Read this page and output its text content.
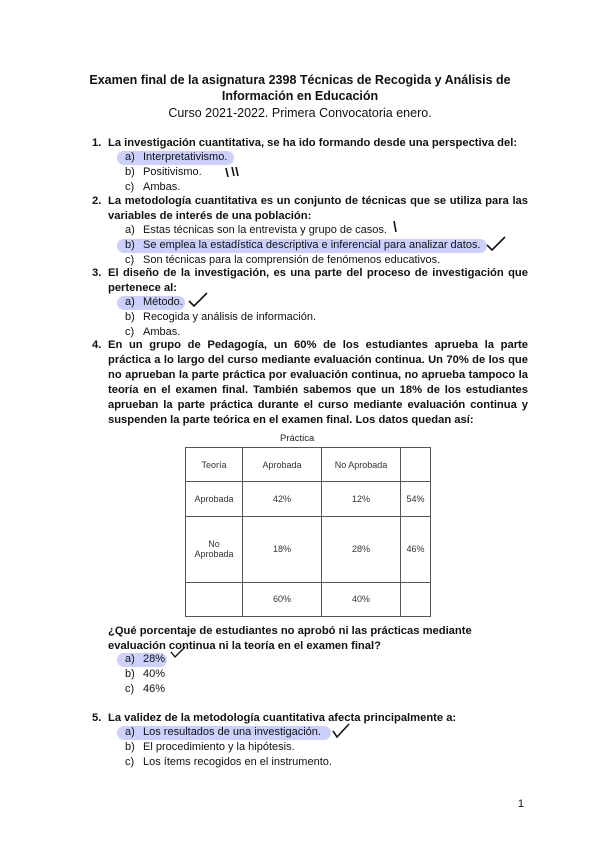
Examen final de la asignatura 2398 Técnicas de Recogida y Análisis de Información en Educación
Curso 2021-2022. Primera Convocatoria enero.
1. La investigación cuantitativa, se ha ido formando desde una perspectiva del:
a) Interpretativismo.
b) Positivismo.
c) Ambas.
2. La metodología cuantitativa es un conjunto de técnicas que se utiliza para las variables de interés de una población:
a) Estas técnicas son la entrevista y grupo de casos.
b) Se emplea la estadística descriptiva e inferencial para analizar datos.
c) Son técnicas para la comprensión de fenómenos educativos.
3. El diseño de la investigación, es una parte del proceso de investigación que pertenece al:
a) Método.
b) Recogida y análisis de información.
c) Ambas.
4. En un grupo de Pedagogía, un 60% de los estudiantes aprueba la parte práctica a lo largo del curso mediante evaluación continua. Un 70% de los que no aprueban la parte práctica por evaluación continua, no aprueba tampoco la teoría en el examen final. También sabemos que un 18% de los estudiantes aprueban la parte práctica durante el curso mediante evaluación continua y suspenden la parte teórica en el examen final. Los datos quedan así:
Práctica
Teoría	Aprobada	No Aprobada	
Aprobada	42%	12%	54%
No Aprobada	18%	28%	46%
	60%	40%	
¿Qué porcentaje de estudiantes no aprobó ni las prácticas mediante evaluación continua ni la teoría en el examen final?
a) 28%
b) 40%
c) 46%
5. La validez de la metodología cuantitativa afecta principalmente a:
a) Los resultados de una investigación.
b) El procedimiento y la hipótesis.
c) Los ítems recogidos en el instrumento.
1
